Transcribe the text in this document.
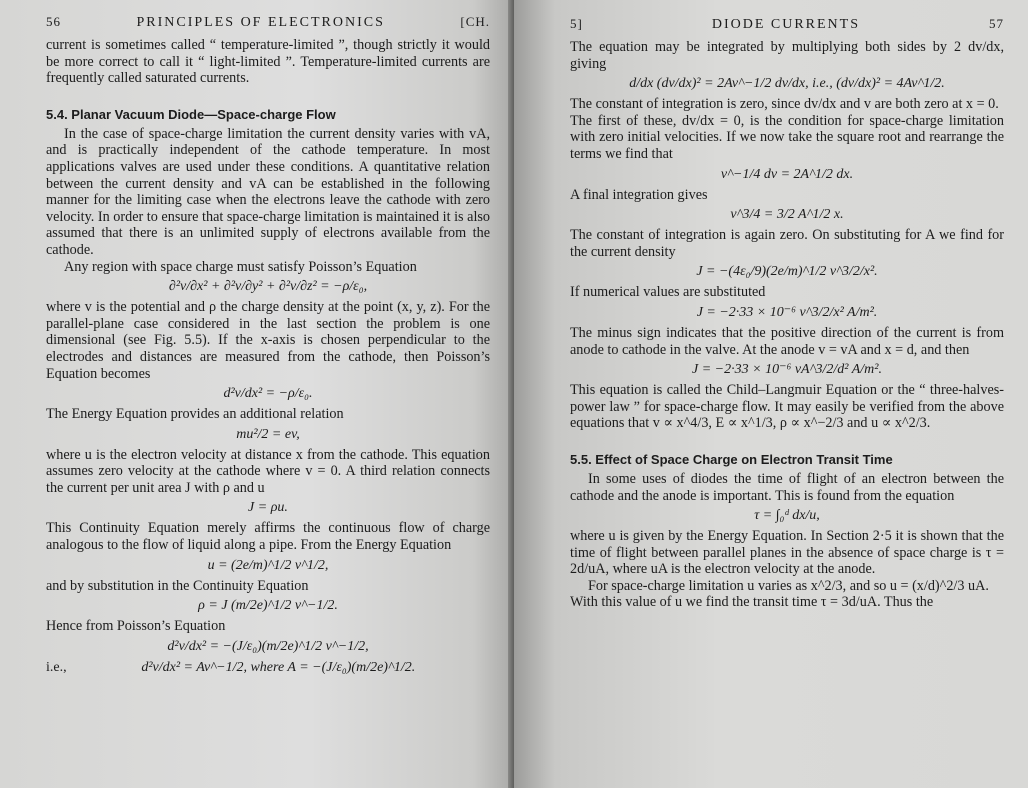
56	PRINCIPLES OF ELECTRONICS	[CH.

current is sometimes called “ temperature-limited ”, though strictly it would be more correct to call it “ light-limited ”. Temperature-limited currents are frequently called saturated currents.

5.4. Planar Vacuum Diode—Space-charge Flow

In the case of space-charge limitation the current density varies with vA, and is practically independent of the cathode temperature. In most applications valves are used under these conditions. A quantitative relation between the current density and vA can be established in the following manner for the limiting case when the electrons leave the cathode with zero velocity. In order to ensure that space-charge limitation is maintained it is also assumed that there is an unlimited supply of electrons available from the cathode.

Any region with space charge must satisfy Poisson’s Equation

∂²v/∂x² + ∂²v/∂y² + ∂²v/∂z² = −ρ/ε₀,

where v is the potential and ρ the charge density at the point (x, y, z). For the parallel-plane case considered in the last section the problem is one dimensional (see Fig. 5.5). If the x-axis is chosen perpendicular to the electrodes and distances are measured from the cathode, then Poisson’s Equation becomes

d²v/dx² = −ρ/ε₀.

The Energy Equation provides an additional relation

mu²/2 = ev,

where u is the electron velocity at distance x from the cathode. This equation assumes zero velocity at the cathode where v = 0. A third relation connects the current per unit area J with ρ and u

J = ρu.

This Continuity Equation merely affirms the continuous flow of charge analogous to the flow of liquid along a pipe. From the Energy Equation

u = (2e/m)^1/2 v^1/2,

and by substitution in the Continuity Equation

ρ = J (m/2e)^1/2 v^−1/2.

Hence from Poisson’s Equation

d²v/dx² = −(J/ε₀)(m/2e)^1/2 v^−1/2,
i.e.,	d²v/dx² = Av^−1/2, where A = −(J/ε₀)(m/2e)^1/2.
5]	DIODE CURRENTS	57

The equation may be integrated by multiplying both sides by 2 dv/dx, giving

d/dx (dv/dx)² = 2Av^−1/2 dv/dx, i.e., (dv/dx)² = 4Av^1/2.

The constant of integration is zero, since dv/dx and v are both zero at x = 0.

The first of these, dv/dx = 0, is the condition for space-charge limitation with zero initial velocities. If we now take the square root and rearrange the terms we find that

v^−1/4 dv = 2A^1/2 dx.

A final integration gives

v^3/4 = 3/2 A^1/2 x.

The constant of integration is again zero. On substituting for A we find for the current density

J = −(4ε₀/9)(2e/m)^1/2 v^3/2/x².

If numerical values are substituted

J = −2·33 × 10⁻⁶ v^3/2/x² A/m².

The minus sign indicates that the positive direction of the current is from anode to cathode in the valve. At the anode v = vA and x = d, and then

J = −2·33 × 10⁻⁶ vA^3/2/d² A/m².

This equation is called the Child–Langmuir Equation or the “ three-halves-power law ” for space-charge flow. It may easily be verified from the above equations that v ∝ x^4/3, E ∝ x^1/3, ρ ∝ x^−2/3 and u ∝ x^2/3.

5.5. Effect of Space Charge on Electron Transit Time

In some uses of diodes the time of flight of an electron between the cathode and the anode is important. This is found from the equation

τ = ∫₀ᵈ dx/u,

where u is given by the Energy Equation. In Section 2·5 it is shown that the time of flight between parallel planes in the absence of space charge is τ = 2d/uA, where uA is the electron velocity at the anode.

For space-charge limitation u varies as x^2/3, and so u = (x/d)^2/3 uA.

With this value of u we find the transit time τ = 3d/uA. Thus the
